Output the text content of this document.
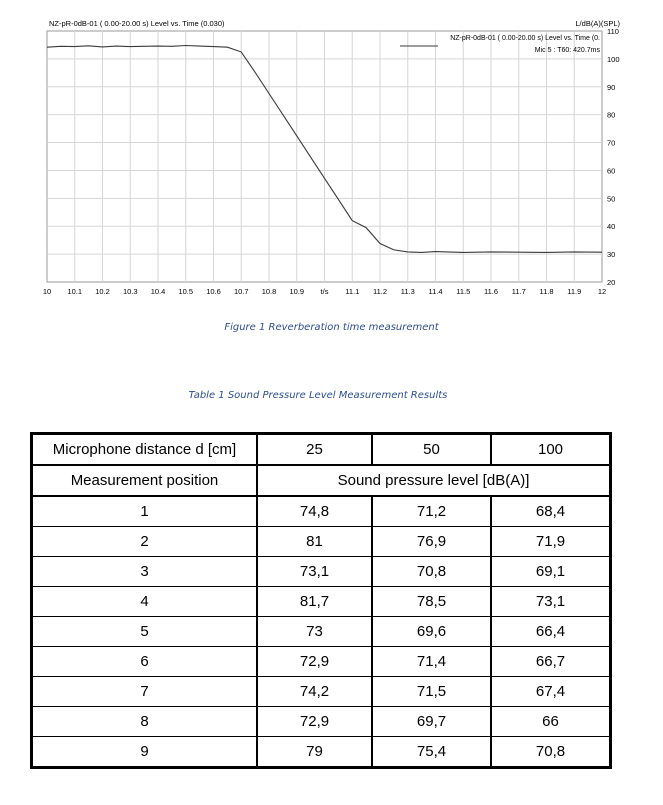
10 10.1 10.2 10.3 10.4 10.5 10.6 10.7 10.8 10.9 t/s 11.1 11.2 11.3 11.4 11.5 11.6 11.7 11.8 11.9 12
110
100
90
80
70
60
50
40
30
20
NZ-pR-0dB-01 ( 0.00-20.00 s) Level vs. Time (0.030)	L/dB(A)(SPL)
NZ-pR-0dB-01 ( 0.00-20.00 s) Level vs. Time (0.
Mic 5 : T60: 420.7ms
Figure 1 Reverberation time measurement
Table 1 Sound Pressure Level Measurement Results
Microphone distance d [cm]	25	50	100
Measurement position	Sound pressure level [dB(A)]		
1	74,8	71,2	68,4
2	81	76,9	71,9
3	73,1	70,8	69,1
4	81,7	78,5	73,1
5	73	69,6	66,4
6	72,9	71,4	66,7
7	74,2	71,5	67,4
8	72,9	69,7	66
9	79	75,4	70,8
